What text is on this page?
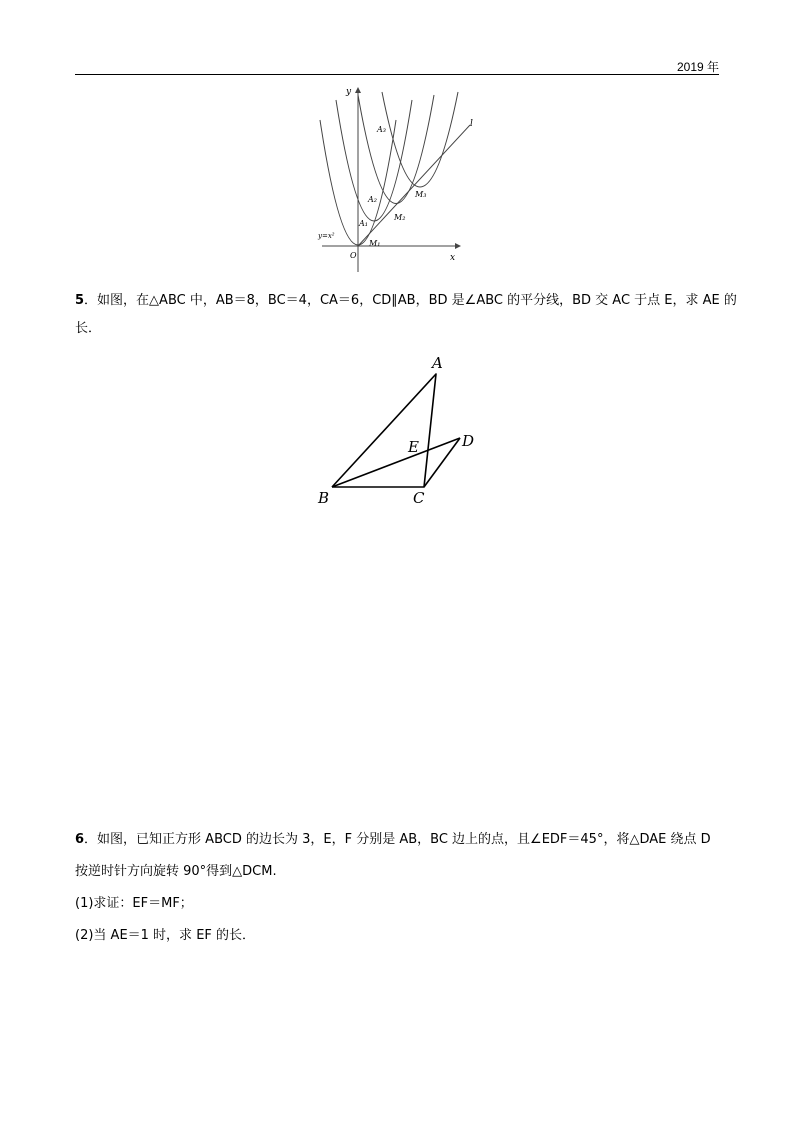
2019 年
y
x
l
O
y=x²
A₁
A₂
A₃
M₁
M₂
M₃
5．如图，在△ABC 中，AB＝8，BC＝4，CA＝6，CD∥AB，BD 是∠ABC 的平分线，BD 交 AC 于点 E，求 AE 的
长．
A
B	C
D
E
6．如图，已知正方形 ABCD 的边长为 3，E，F 分别是 AB，BC 边上的点，且∠EDF＝45°，将△DAE 绕点 D
按逆时针方向旋转 90°得到△DCM.
(1)求证：EF＝MF；
(2)当 AE＝1 时，求 EF 的长．
